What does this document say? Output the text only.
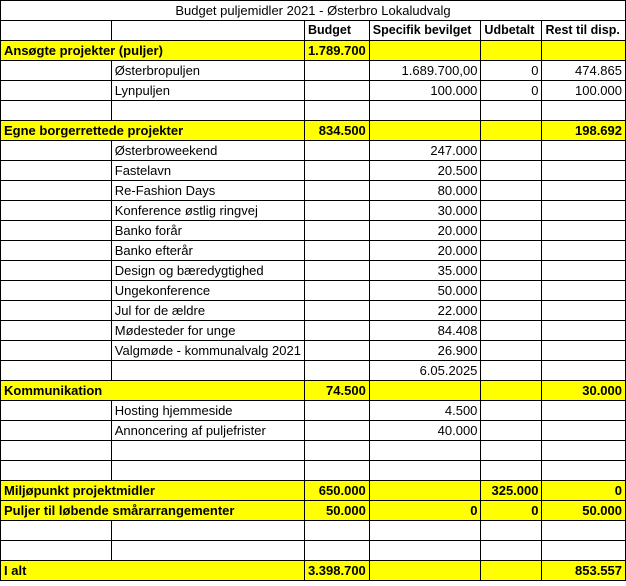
Budget puljemidler 2021 - Østerbro Lokaludvalg					
		Budget	Specifik bevilget	Udbetalt	Rest til disp.
Ansøgte projekter (puljer)		1.789.700			
	Østerbropuljen		1.689.700,00	0	474.865
	Lynpuljen		100.000	0	100.000

Egne borgerrettede projekter		834.500			198.692
	Østerbroweekend		247.000		
	Fastelavn		20.500		
	Re-Fashion Days		80.000		
	Konference østlig ringvej		30.000		
	Banko forår		20.000		
	Banko efterår		20.000		
	Design og bæredygtighed		35.000		
	Ungekonference		50.000		
	Jul for de ældre		22.000		
	Mødesteder for unge		84.408		
	Valgmøde - kommunalvalg 2021		26.900		
			6.05.2025		
Kommunikation		74.500			30.000
	Hosting hjemmeside		4.500		
	Annoncering af puljefrister		40.000		

Miljøpunkt projektmidler		650.000		325.000	0
Puljer til løbende smårarrangementer		50.000	0	0	50.000

I alt		3.398.700			853.557
